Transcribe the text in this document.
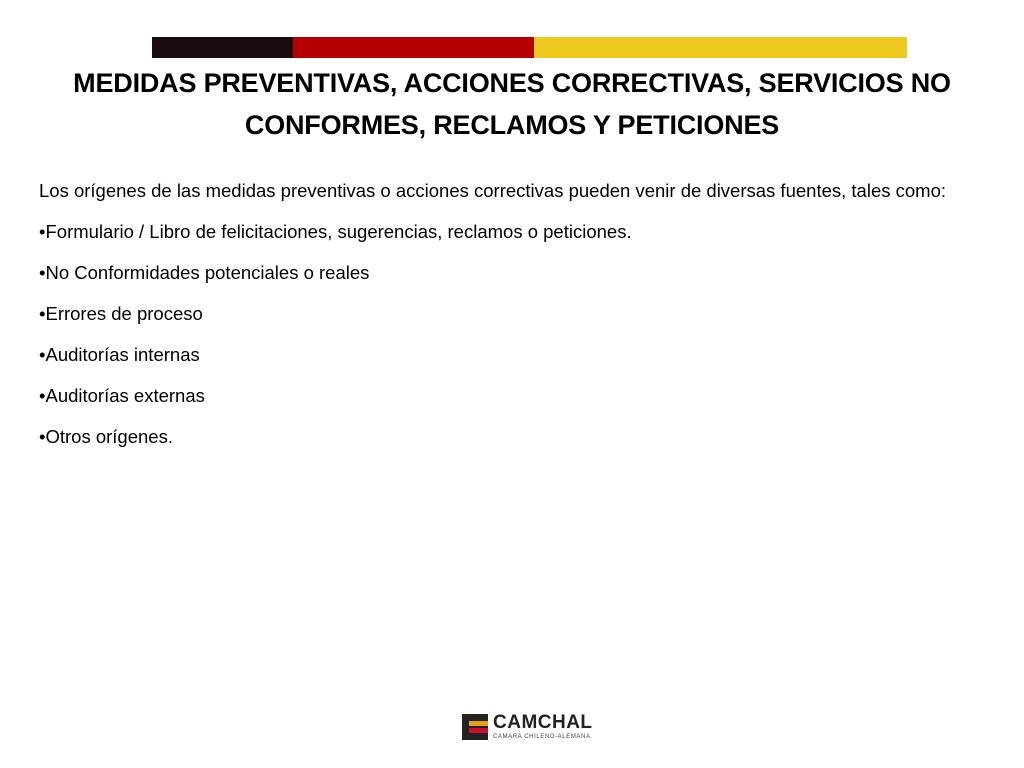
MEDIDAS PREVENTIVAS, ACCIONES CORRECTIVAS, SERVICIOS NO CONFORMES, RECLAMOS Y PETICIONES

Los orígenes de las medidas preventivas o acciones correctivas pueden venir de diversas fuentes, tales como:

•Formulario / Libro de felicitaciones, sugerencias, reclamos o peticiones.
•No Conformidades potenciales o reales
•Errores de proceso
•Auditorías internas
•Auditorías externas
•Otros orígenes.
CAMCHAL
CAMARA CHILENO-ALEMANA
